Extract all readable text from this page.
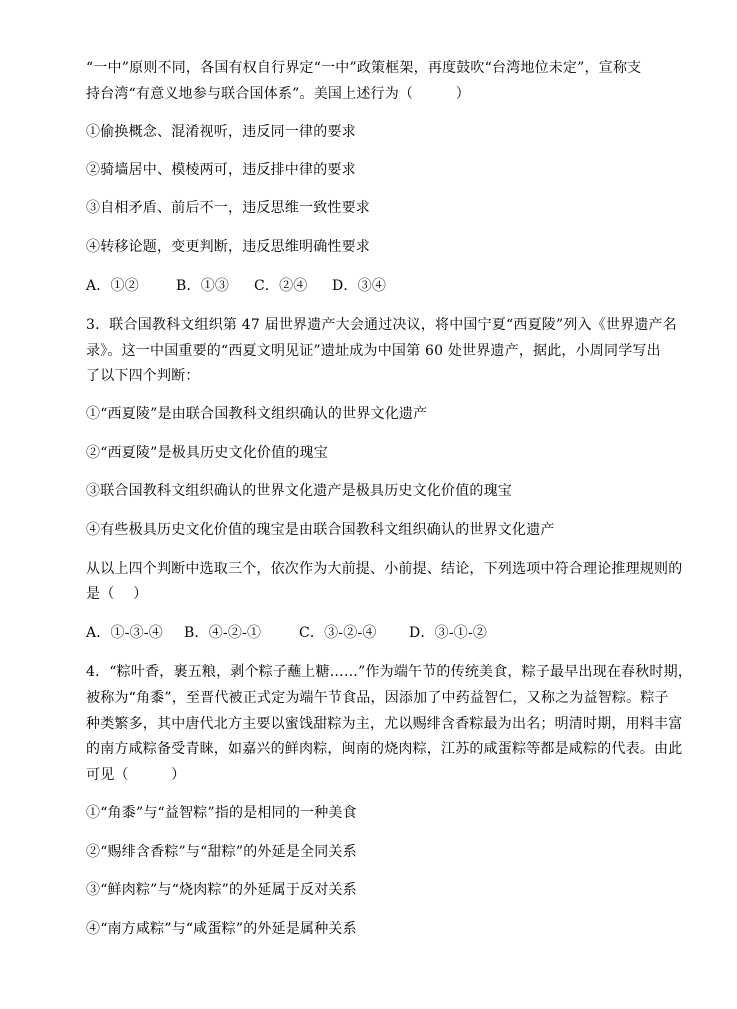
“一中”原则不同，各国有权自行界定“一中”政策框架，再度鼓吹“台湾地位未定”，宣称支
持台湾“有意义地参与联合国体系”。美国上述行为（　　　）
①偷换概念、混淆视听，违反同一律的要求
②骑墙居中、模棱两可，违反排中律的要求
③自相矛盾、前后不一，违反思维一致性要求
④转移论题，变更判断，违反思维明确性要求
A．①②	B．①③ C．②④ D．③④
3．联合国教科文组织第 47 届世界遗产大会通过决议，将中国宁夏“西夏陵”列入《世界遗产名
录》。这一中国重要的“西夏文明见证”遗址成为中国第 60 处世界遗产，据此，小周同学写出
了以下四个判断：
①“西夏陵”是由联合国教科文组织确认的世界文化遗产
②“西夏陵”是极具历史文化价值的瑰宝
③联合国教科文组织确认的世界文化遗产是极具历史文化价值的瑰宝
④有些极具历史文化价值的瑰宝是由联合国教科文组织确认的世界文化遗产
从以上四个判断中选取三个，依次作为大前提、小前提、结论，下列选项中符合理论推理规则的
是（　 ）
A．①-③-④ B．④-②-①	C．③-②-④ D．③-①-②
4．“粽叶香，裹五粮，剥个粽子蘸上糖……”作为端午节的传统美食，粽子最早出现在春秋时期，
被称为“角黍”，至晋代被正式定为端午节食品，因添加了中药益智仁，又称之为益智粽。粽子
种类繁多，其中唐代北方主要以蜜饯甜粽为主，尤以赐绯含香粽最为出名；明清时期，用料丰富
的南方咸粽备受青睐，如嘉兴的鲜肉粽，闽南的烧肉粽，江苏的咸蛋粽等都是咸粽的代表。由此
可见（　　　）
①“角黍”与“益智粽”指的是相同的一种美食
②“赐绯含香粽”与“甜粽”的外延是全同关系
③“鲜肉粽”与“烧肉粽”的外延属于反对关系
④“南方咸粽”与“咸蛋粽”的外延是属种关系
